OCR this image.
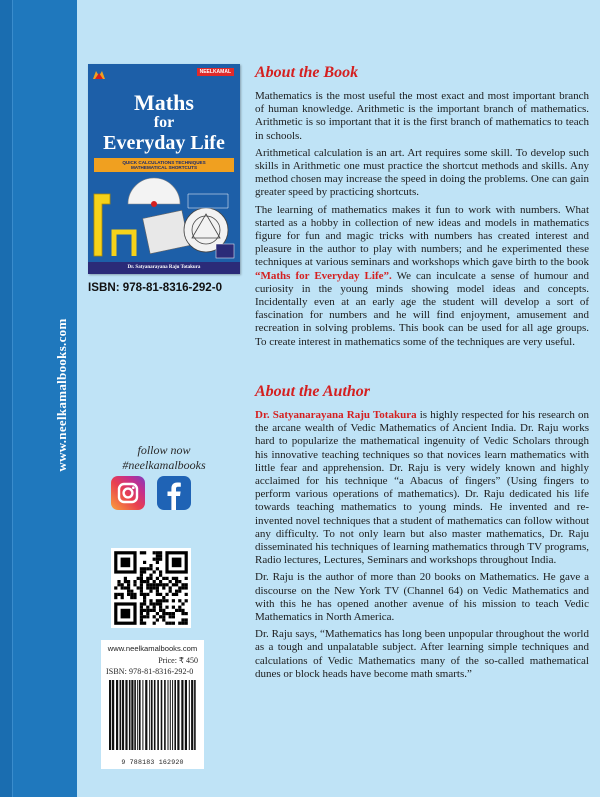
www.neelkamalbooks.com
NEELKAMAL
Maths
for
Everyday Life
QUICK CALCULATIONS TECHNIQUES
MATHEMATICAL SHORTCUTS
Dr. Satyanarayana Raju Totakura
ISBN: 978-81-8316-292-0
follow now
#neelkamalbooks
www.neelkamalbooks.com
Price: ₹ 450
ISBN: 978-81-8316-292-0
9 788183 162920
About the Book

Mathematics is the most useful the most exact and most important branch of human knowledge. Arithmetic is the important branch of mathematics. Arithmetic is so important that it is the first branch of mathematics to teach in schools.

Arithmetical calculation is an art. Art requires some skill. To develop such skills in Arithmetic one must practice the shortcut methods and skills. Any method chosen may increase the speed in doing the problems. One can gain greater speed by practicing shortcuts.

The learning of mathematics makes it fun to work with numbers. What started as a hobby in collection of new ideas and models in mathematics figure for fun and magic tricks with numbers has created interest and pleasure in the author to play with numbers; and he experimented these techniques at various seminars and workshops which gave birth to the book “Maths for Everyday Life”. We can inculcate a sense of humour and curiosity in the young minds showing model ideas and concepts. Incidentally even at an early age the student will develop a sort of fascination for numbers and he will find enjoyment, amusement and recreation in solving problems. This book can be used for all age groups. To create interest in mathematics some of the techniques are very useful.

About the Author

Dr. Satyanarayana Raju Totakura is highly respected for his research on the arcane wealth of Vedic Mathematics of Ancient India. Dr. Raju works hard to popularize the mathematical ingenuity of Vedic Scholars through his innovative teaching techniques so that novices learn mathematics with little fear and apprehension. Dr. Raju is very widely known and highly acclaimed for his technique “a Abacus of fingers” (Using fingers to perform various operations of mathematics). Dr. Raju dedicated his life towards teaching mathematics to young minds. He invented and re-invented novel techniques that a student of mathematics can follow without any difficulty. To not only learn but also master mathematics, Dr. Raju disseminated his techniques of learning mathematics through TV programs, Radio lectures, Lectures, Seminars and workshops throughout India.

Dr. Raju is the author of more than 20 books on Mathematics. He gave a discourse on the New York TV (Channel 64) on Vedic Mathematics and with this he has opened another avenue of his mission to teach Vedic Mathematics in North America.

Dr. Raju says, “Mathematics has long been unpopular throughout the world as a tough and unpalatable subject. After learning simple techniques and calculations of Vedic Mathematics many of the so-called mathematical dunes or block heads have become math smarts.”
